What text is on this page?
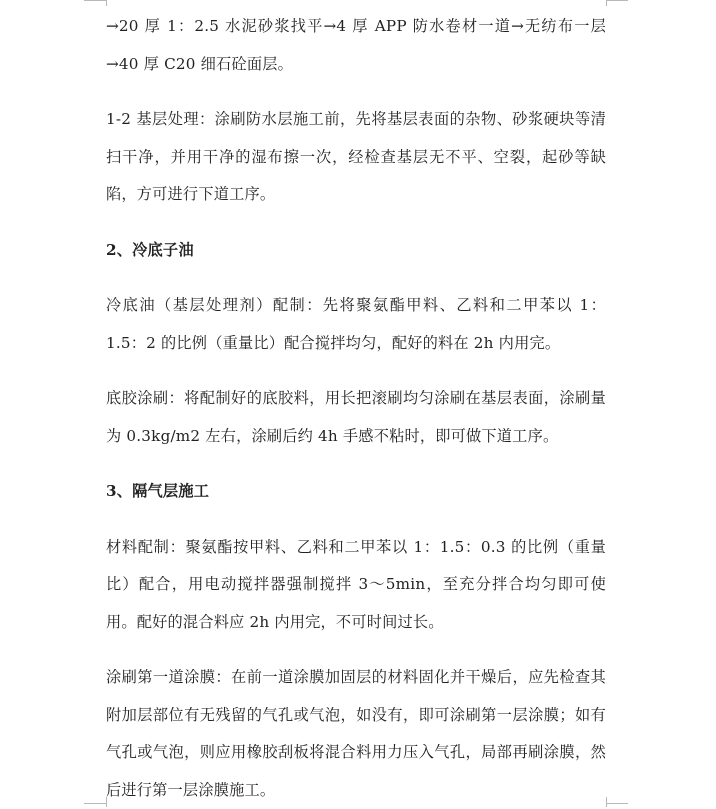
→20 厚 1：2.5 水泥砂浆找平→4 厚 APP 防水卷材一道→无纺布一层→40 厚 C20 细石砼面层。

1-2 基层处理：涂刷防水层施工前，先将基层表面的杂物、砂浆硬块等清扫干净，并用干净的湿布擦一次，经检查基层无不平、空裂，起砂等缺陷，方可进行下道工序。

2、冷底子油

冷底油（基层处理剂）配制：先将聚氨酯甲料、乙料和二甲苯以 1：1.5：2 的比例（重量比）配合搅拌均匀，配好的料在 2h 内用完。

底胶涂刷：将配制好的底胶料，用长把滚刷均匀涂刷在基层表面，涂刷量为 0.3kg/m2 左右，涂刷后约 4h 手感不粘时，即可做下道工序。

3、隔气层施工

材料配制：聚氨酯按甲料、乙料和二甲苯以 1：1.5：0.3 的比例（重量比）配合，用电动搅拌器强制搅拌 3～5min，至充分拌合均匀即可使用。配好的混合料应 2h 内用完，不可时间过长。

涂刷第一道涂膜：在前一道涂膜加固层的材料固化并干燥后，应先检查其附加层部位有无残留的气孔或气泡，如没有，即可涂刷第一层涂膜；如有气孔或气泡，则应用橡胶刮板将混合料用力压入气孔，局部再刷涂膜，然后进行第一层涂膜施工。
